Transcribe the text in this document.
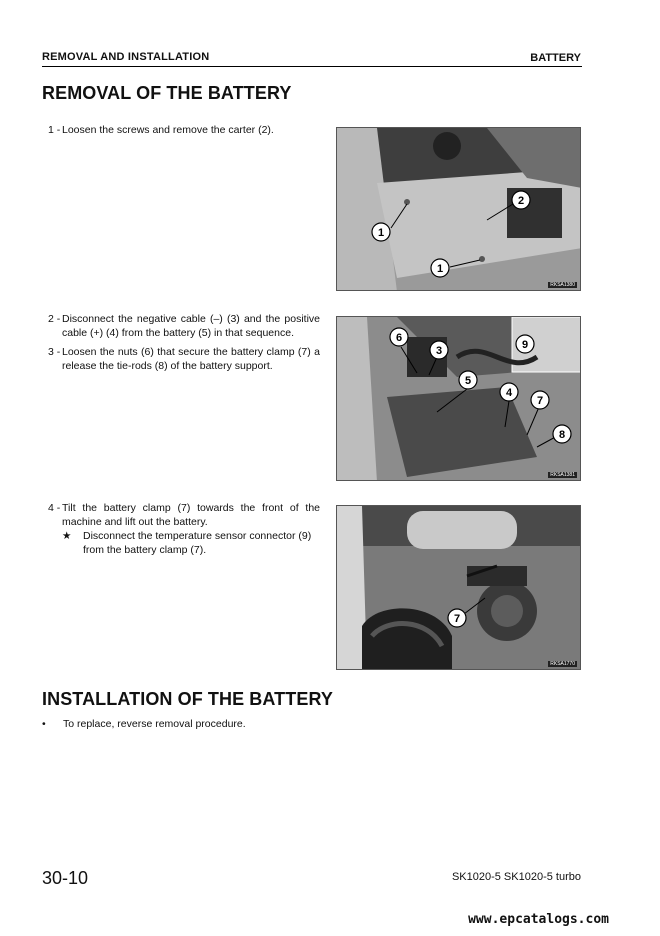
REMOVAL AND INSTALLATION	BATTERY
REMOVAL OF THE BATTERY
1 - Loosen the screws and remove the carter (2).
1
2
1
RKSA1380
2 - Disconnect the negative cable (–) (3) and the positive cable (+) (4) from the battery (5) in that sequence.
3 - Loosen the nuts (6) that secure the battery clamp (7) a release the tie-rods (8) of the battery support.
6
3
5
4
7
8
9
RKSA1381
4 - Tilt the battery clamp (7) towards the front of the machine and lift out the battery.
★	Disconnect the temperature sensor connector (9) from the battery clamp (7).
7
RKSA1770
INSTALLATION OF THE BATTERY
• To replace, reverse removal procedure.
30-10	SK1020-5 SK1020-5 turbo
www.epcatalogs.com
